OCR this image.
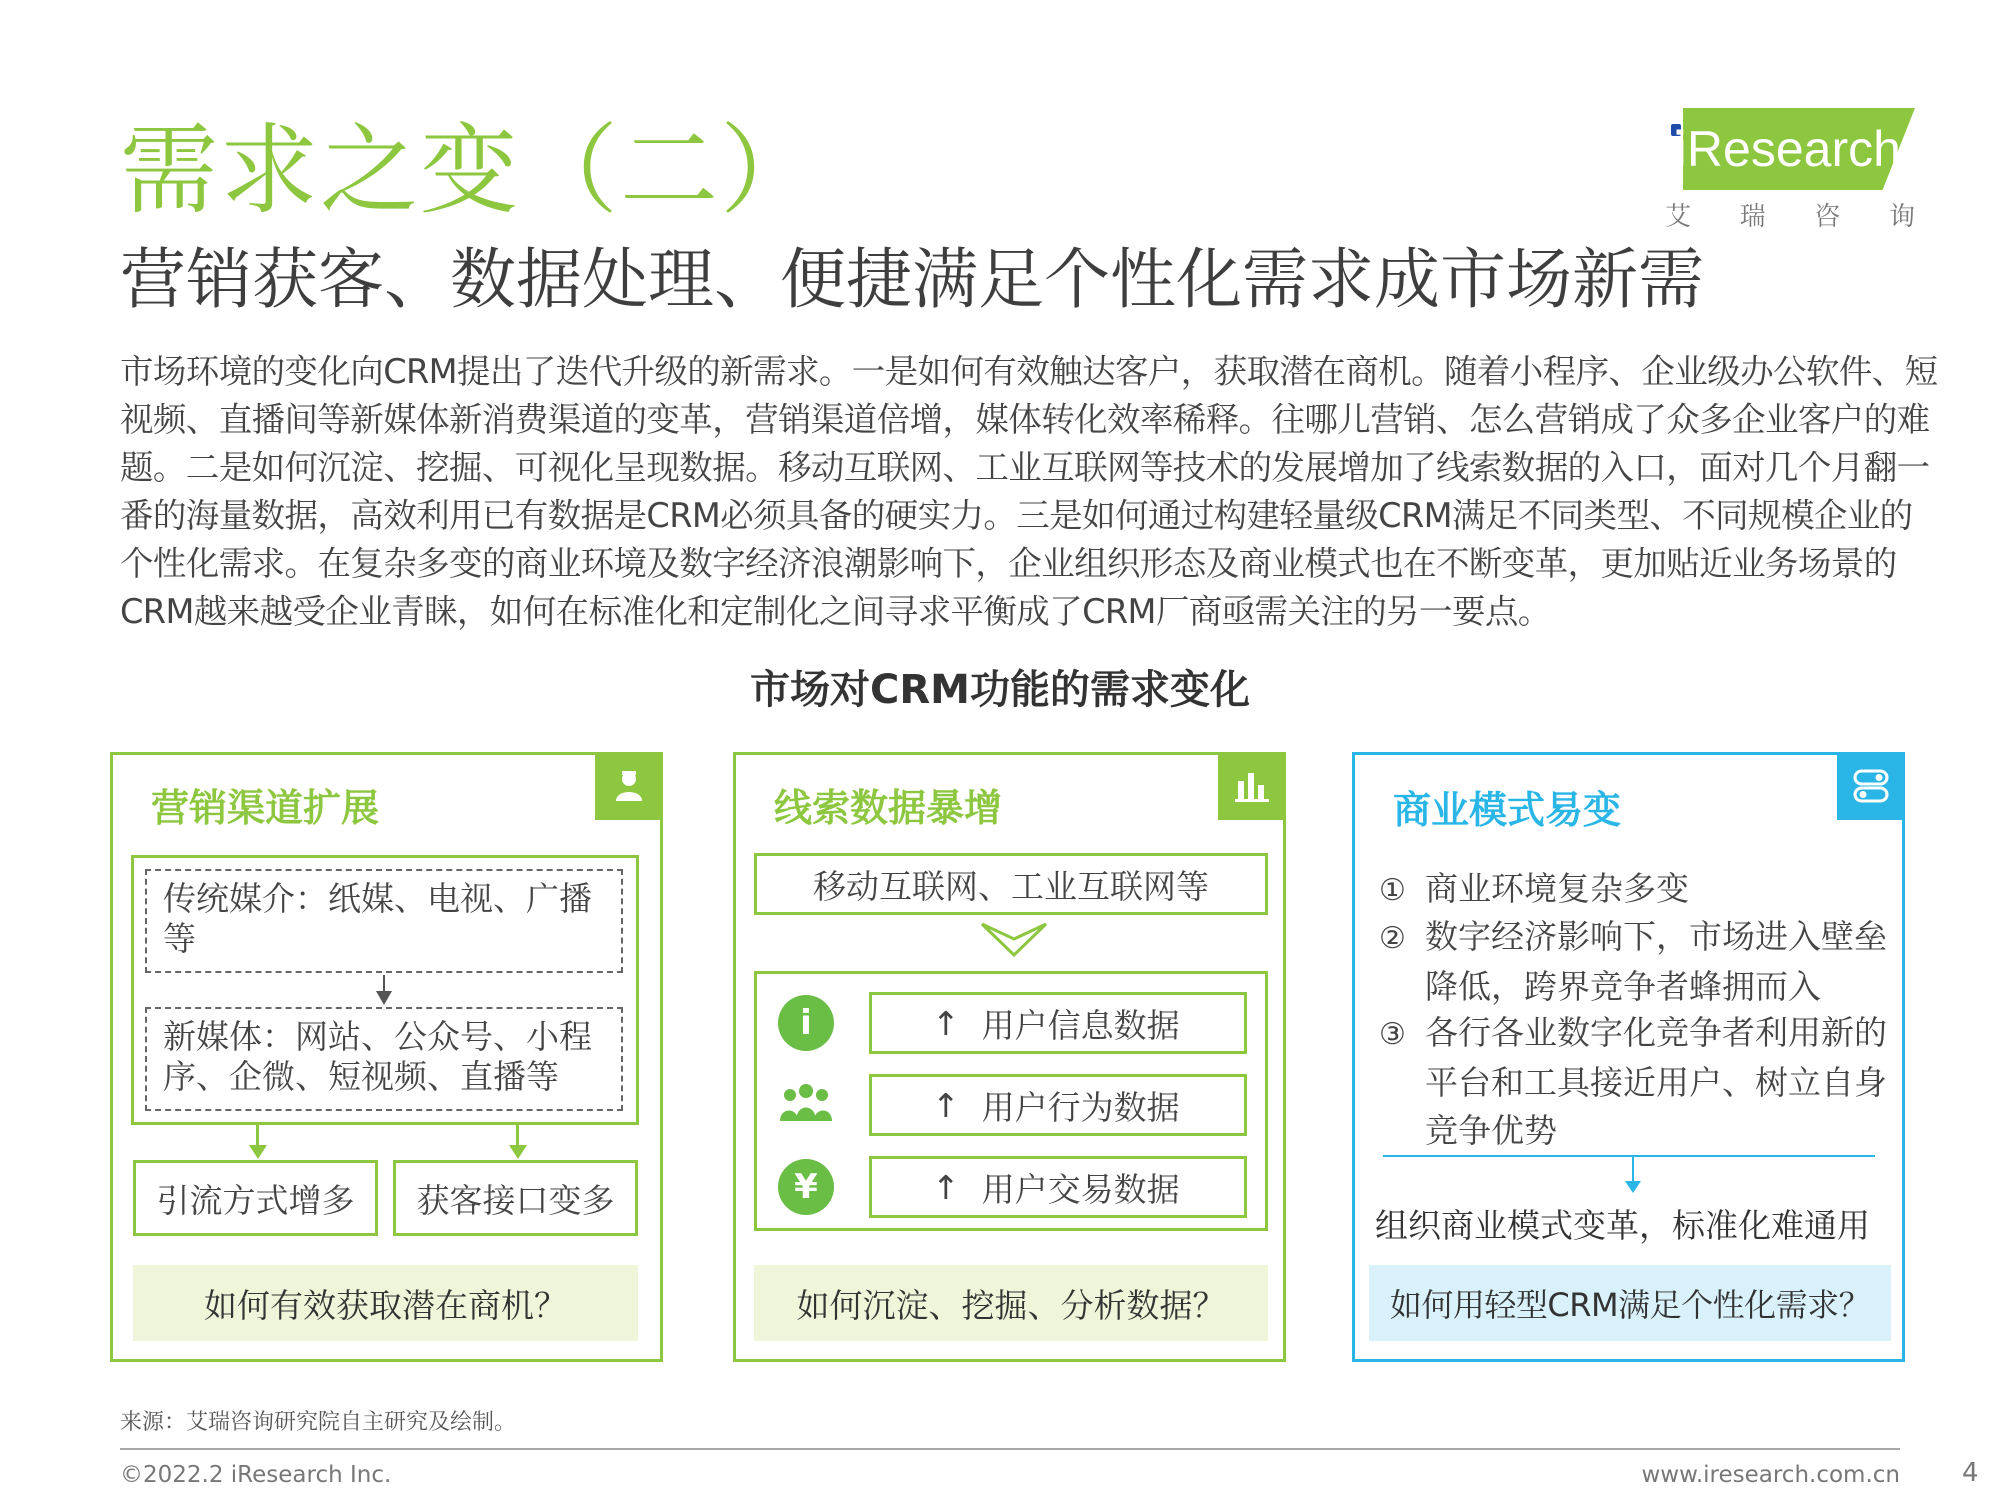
需求之变（二）
营销获客、数据处理、便捷满足个性化需求成市场新需
iResearch
艾 瑞 咨 询
市场环境的变化向CRM提出了迭代升级的新需求。一是如何有效触达客户，获取潜在商机。随着小程序、企业级办公软件、短视频、直播间等新媒体新消费渠道的变革，营销渠道倍增，媒体转化效率稀释。往哪儿营销、怎么营销成了众多企业客户的难题。二是如何沉淀、挖掘、可视化呈现数据。移动互联网、工业互联网等技术的发展增加了线索数据的入口，面对几个月翻一番的海量数据，高效利用已有数据是CRM必须具备的硬实力。三是如何通过构建轻量级CRM满足不同类型、不同规模企业的个性化需求。在复杂多变的商业环境及数字经济浪潮影响下，企业组织形态及商业模式也在不断变革，更加贴近业务场景的CRM越来越受企业青睐，如何在标准化和定制化之间寻求平衡成了CRM厂商亟需关注的另一要点。
市场对CRM功能的需求变化
营销渠道扩展
传统媒介：纸媒、电视、广播等
新媒体：网站、公众号、小程序、企微、短视频、直播等
引流方式增多	获客接口变多
如何有效获取潜在商机？
线索数据暴增
移动互联网、工业互联网等
i	↑ 用户信息数据
↑ 用户行为数据
¥	↑ 用户交易数据
如何沉淀、挖掘、分析数据？
商业模式易变
① 商业环境复杂多变
② 数字经济影响下，市场进入壁垒降低，跨界竞争者蜂拥而入
③ 各行各业数字化竞争者利用新的平台和工具接近用户、树立自身竞争优势
组织商业模式变革，标准化难通用
如何用轻型CRM满足个性化需求？
来源：艾瑞咨询研究院自主研究及绘制。
©2022.2 iResearch Inc.	www.iresearch.com.cn 4
